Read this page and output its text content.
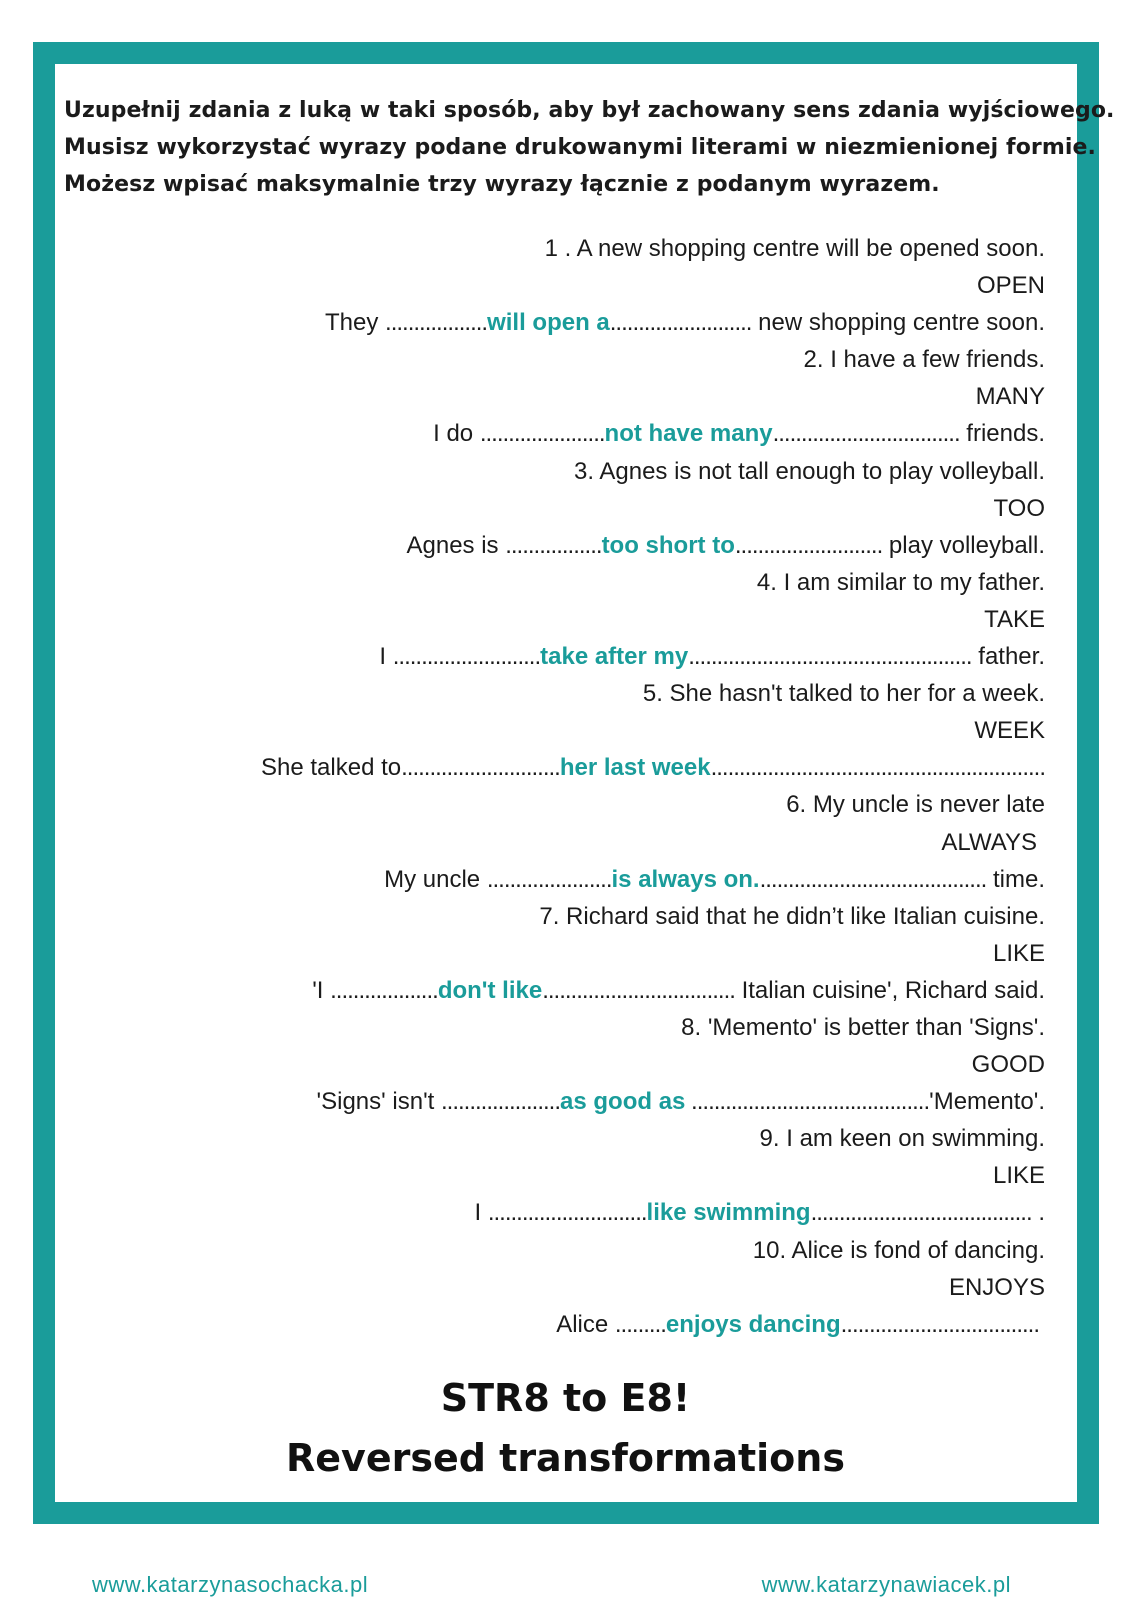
Uzupełnij zdania z luką w taki sposób, aby był zachowany sens zdania wyjściowego.
Musisz wykorzystać wyrazy podane drukowanymi literami w niezmienionej formie.
Możesz wpisać maksymalnie trzy wyrazy łącznie z podanym wyrazem.
1 . A new shopping centre will be opened soon.
OPEN
They ..................will open a......................... new shopping centre soon.
2. I have a few friends.
MANY
I do ......................not have many................................. friends.
3. Agnes is not tall enough to play volleyball.
TOO
Agnes is .................too short to.......................... play volleyball.
4. I am similar to my father.
TAKE
I ..........................take after my.................................................. father.
5. She hasn't talked to her for a week.
WEEK
She talked to............................her last week...........................................................
6. My uncle is never late
ALWAYS
My uncle ......................is always on......................................... time.
7. Richard said that he didn’t like Italian cuisine.
LIKE
'I ...................don't like.................................. Italian cuisine', Richard said.
8. 'Memento' is better than 'Signs'.
GOOD
'Signs' isn't .....................as good as ..........................................'Memento'.
9. I am keen on swimming.
LIKE
I ............................like swimming....................................... .
10. Alice is fond of dancing.
ENJOYS
Alice .........enjoys dancing...................................
STR8 to E8!
Reversed transformations
www.katarzynasochacka.pl	www.katarzynawiacek.pl
